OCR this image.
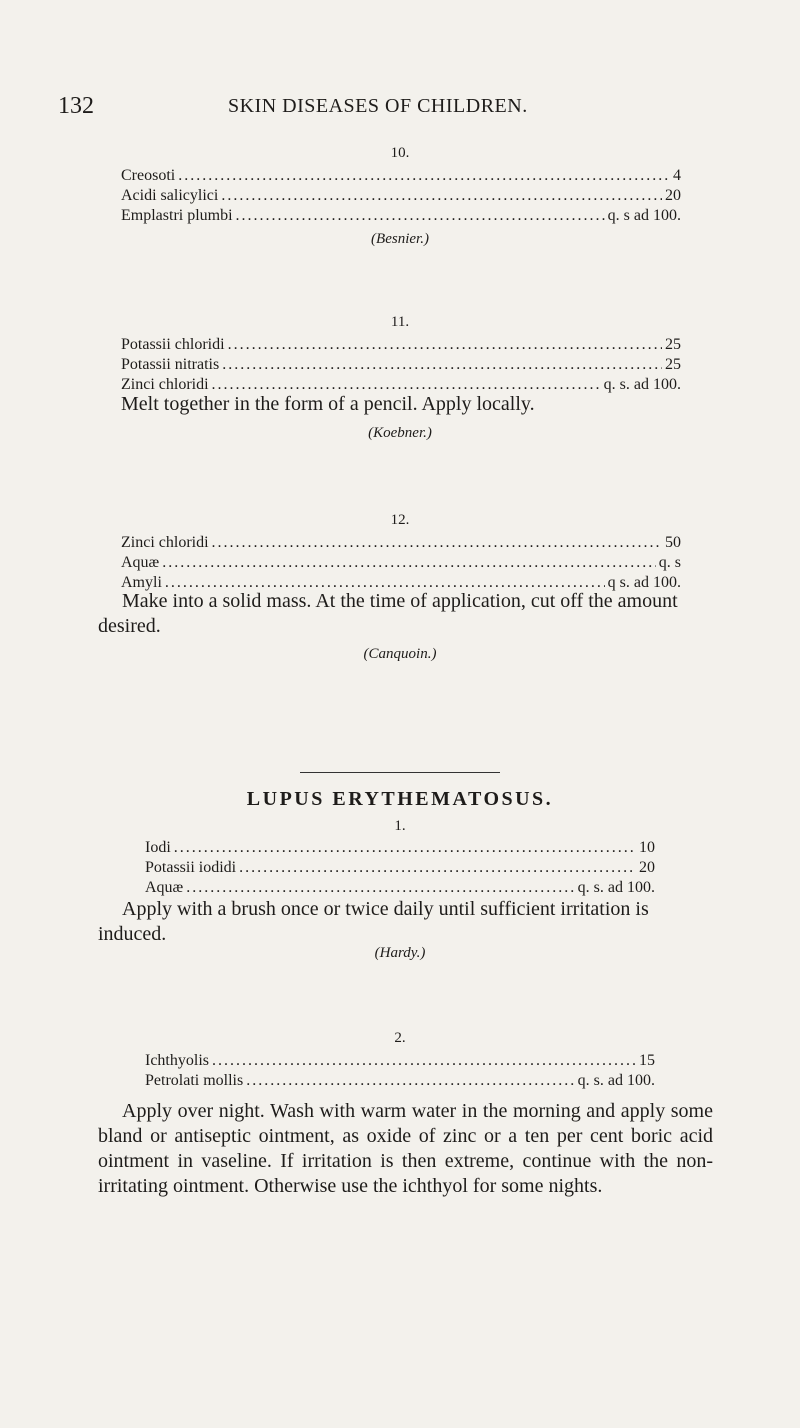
132	SKIN DISEASES OF CHILDREN.
10.
Creosoti .....	4
Acidi salicylici .....	20
Emplastri plumbi .....	q. s ad 100.
(Besnier.)
11.
Potassii chloridi .....	25
Potassii nitratis .....	25
Zinci chloridi .....	q. s. ad 100.

Melt together in the form of a pencil. Apply locally.

(Koebner.)
12.
Zinci chloridi .....	50
Aquæ .....	q. s
Amyli .....	q s. ad 100.

Make into a solid mass. At the time of application, cut off the amount desired.

(Canquoin.)
LUPUS ERYTHEMATOSUS.
1.
Iodi .....	10
Potassii iodidi .....	20
Aquæ .....	q. s. ad 100.

Apply with a brush once or twice daily until sufficient irritation is induced.

(Hardy.)
2.
Ichthyolis .....	15
Petrolati mollis .....	q. s. ad 100.

Apply over night. Wash with warm water in the morning and apply some bland or antiseptic ointment, as oxide of zinc or a ten per cent boric acid ointment in vaseline. If irritation is then extreme, continue with the non-irritating ointment. Otherwise use the ichthyol for some nights.
